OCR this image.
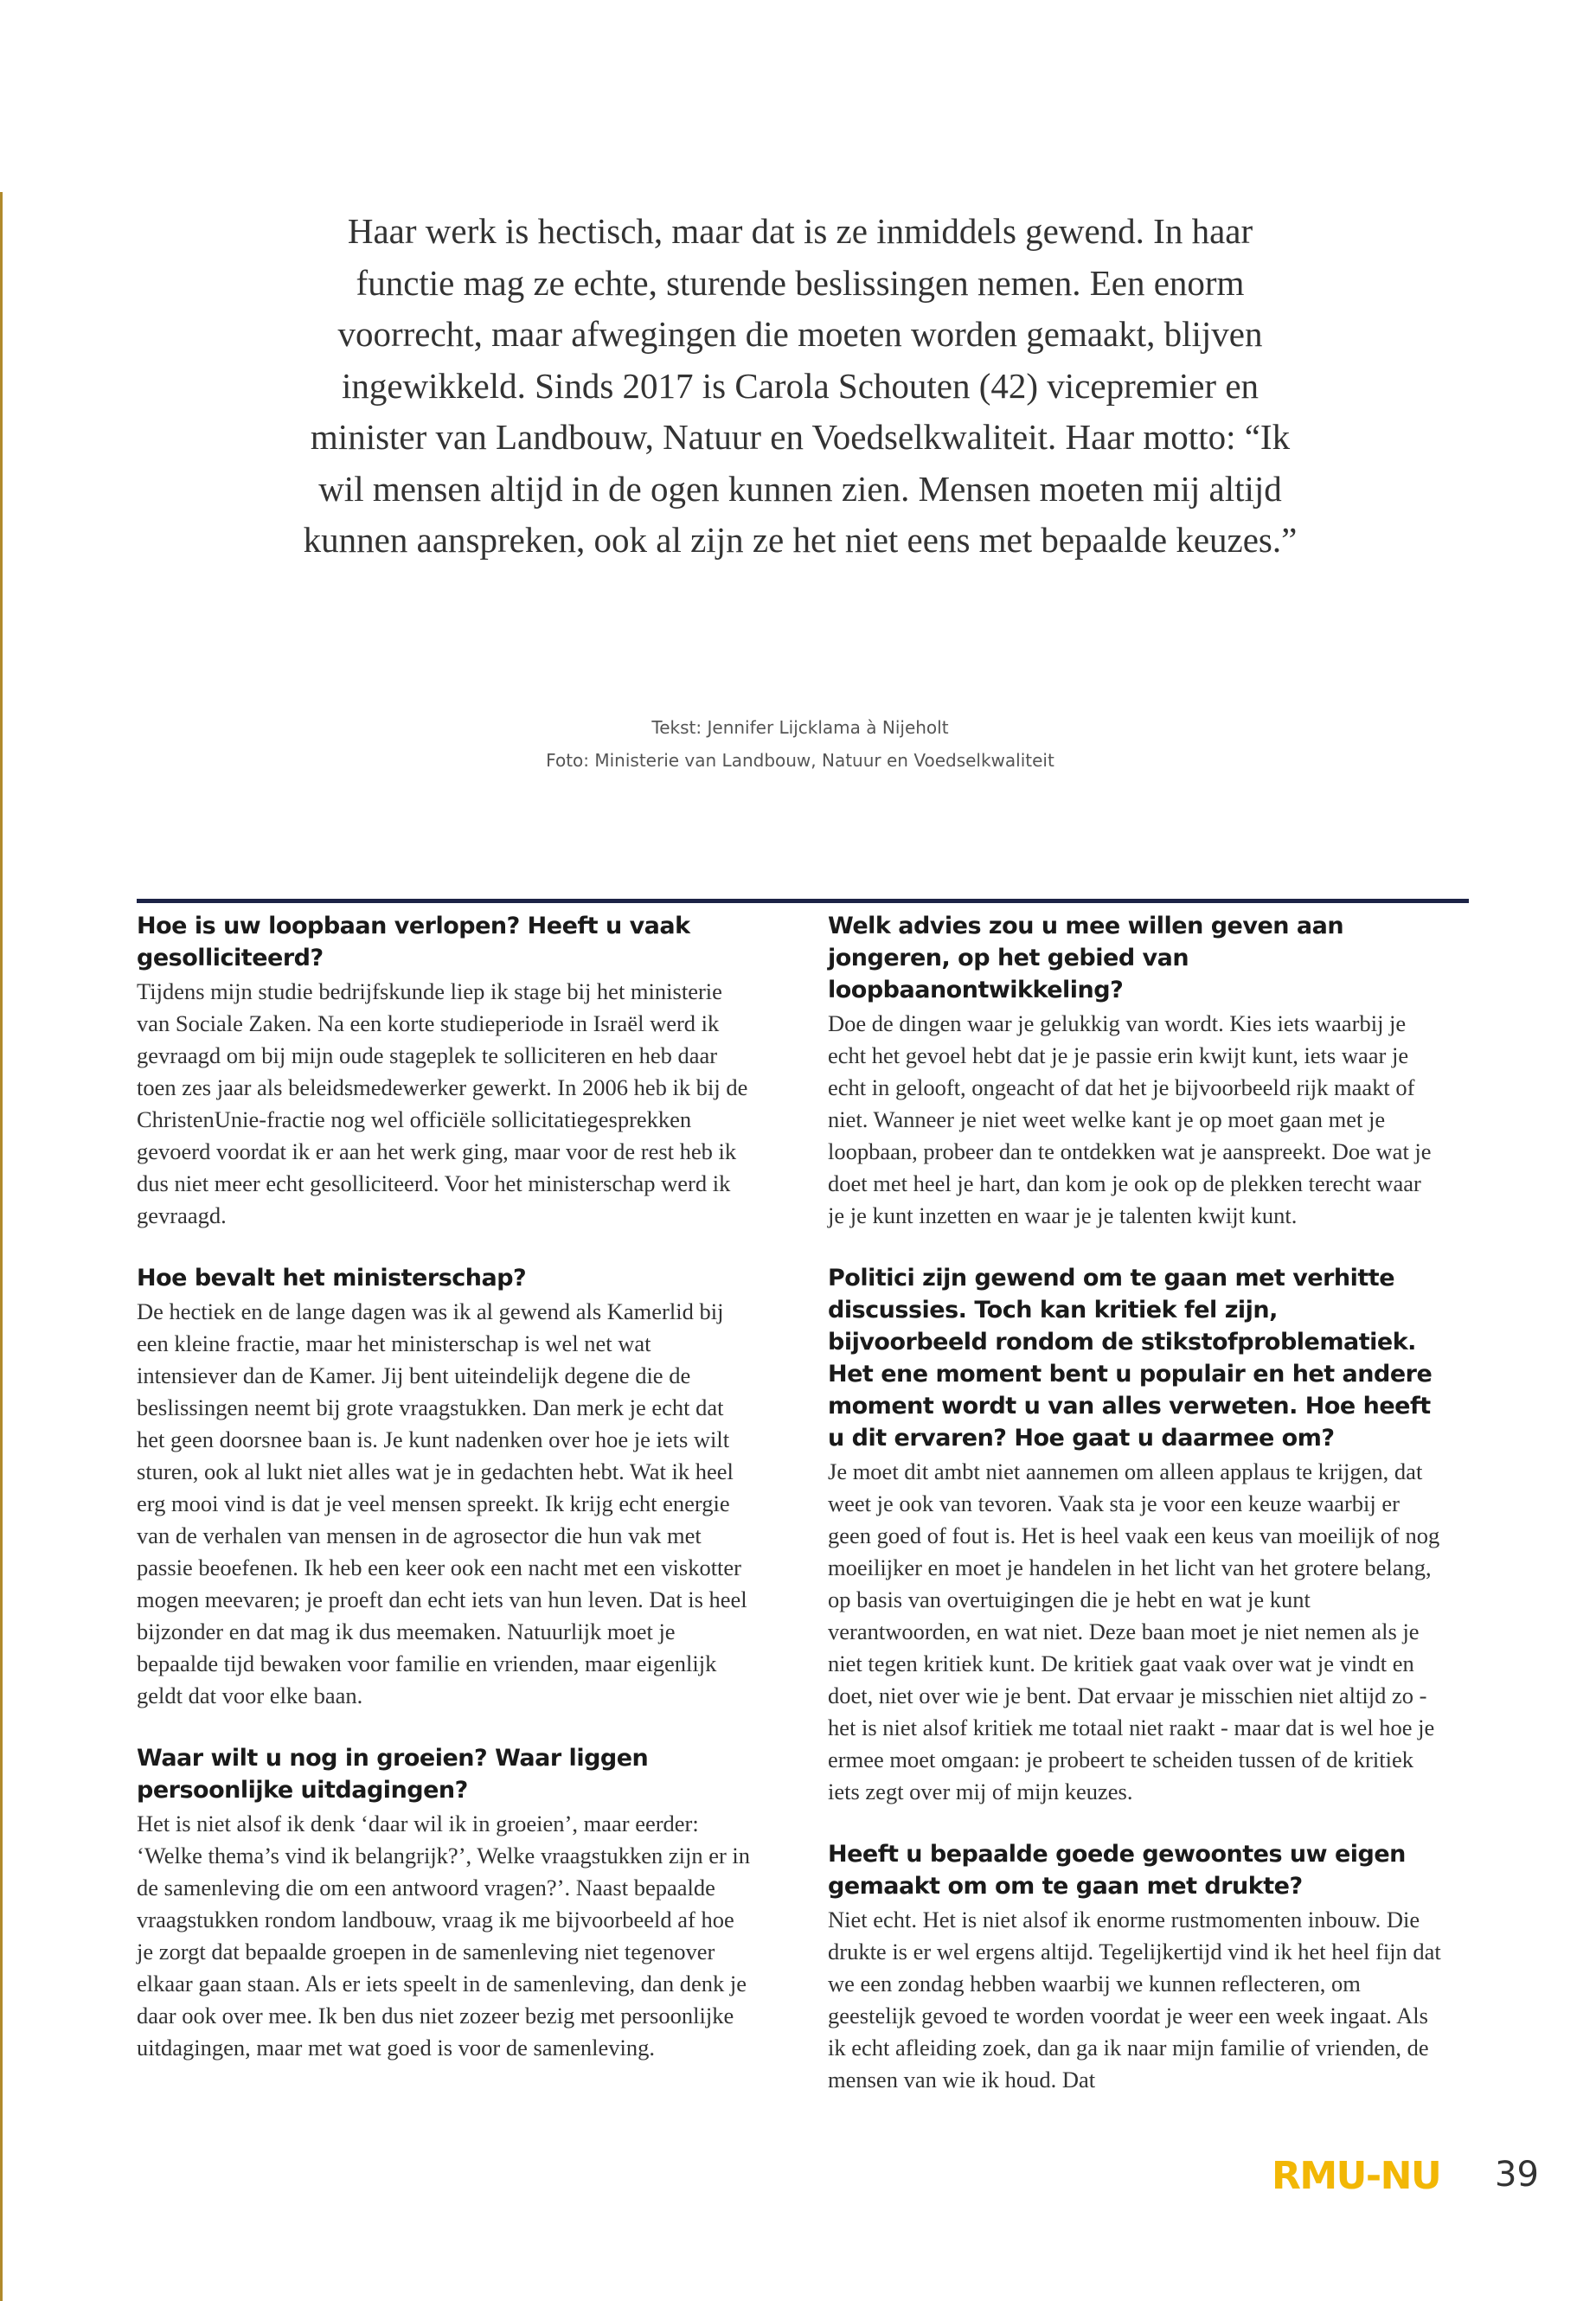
Haar werk is hectisch, maar dat is ze inmiddels gewend. In haar functie mag ze echte, sturende beslissingen nemen. Een enorm voorrecht, maar afwegingen die moeten worden gemaakt, blijven ingewikkeld. Sinds 2017 is Carola Schouten (42) vicepremier en minister van Landbouw, Natuur en Voedselkwaliteit. Haar motto: “Ik wil mensen altijd in de ogen kunnen zien. Mensen moeten mij altijd kunnen aanspreken, ook al zijn ze het niet eens met bepaalde keuzes.”

Tekst: Jennifer Lijcklama à Nijeholt
Foto: Ministerie van Landbouw, Natuur en Voedselkwaliteit

Hoe is uw loopbaan verlopen? Heeft u vaak gesolliciteerd?

Tijdens mijn studie bedrijfskunde liep ik stage bij het ministerie van Sociale Zaken. Na een korte studieperiode in Israël werd ik gevraagd om bij mijn oude stageplek te solliciteren en heb daar toen zes jaar als beleidsmedewerker gewerkt. In 2006 heb ik bij de ChristenUnie-fractie nog wel officiële sollicitatiegesprekken gevoerd voordat ik er aan het werk ging, maar voor de rest heb ik dus niet meer echt gesolliciteerd. Voor het ministerschap werd ik gevraagd.

Hoe bevalt het ministerschap?

De hectiek en de lange dagen was ik al gewend als Kamerlid bij een kleine fractie, maar het ministerschap is wel net wat intensiever dan de Kamer. Jij bent uiteindelijk degene die de beslissingen neemt bij grote vraagstukken. Dan merk je echt dat het geen doorsnee baan is. Je kunt nadenken over hoe je iets wilt sturen, ook al lukt niet alles wat je in gedachten hebt. Wat ik heel erg mooi vind is dat je veel mensen spreekt. Ik krijg echt energie van de verhalen van mensen in de agrosector die hun vak met passie beoefenen. Ik heb een keer ook een nacht met een viskotter mogen meevaren; je proeft dan echt iets van hun leven. Dat is heel bijzonder en dat mag ik dus meemaken. Natuurlijk moet je bepaalde tijd bewaken voor familie en vrienden, maar eigenlijk geldt dat voor elke baan.

Waar wilt u nog in groeien? Waar liggen persoonlijke uitdagingen?

Het is niet alsof ik denk ‘daar wil ik in groeien’, maar eerder: ‘Welke thema’s vind ik belangrijk?’, Welke vraagstukken zijn er in de samenleving die om een antwoord vragen?’. Naast bepaalde vraagstukken rondom landbouw, vraag ik me bijvoorbeeld af hoe je zorgt dat bepaalde groepen in de samenleving niet tegenover elkaar gaan staan. Als er iets speelt in de samenleving, dan denk je daar ook over mee. Ik ben dus niet zozeer bezig met persoonlijke uitdagingen, maar met wat goed is voor de samenleving.

Welk advies zou u mee willen geven aan jongeren, op het gebied van loopbaanontwikkeling?

Doe de dingen waar je gelukkig van wordt. Kies iets waarbij je echt het gevoel hebt dat je je passie erin kwijt kunt, iets waar je echt in gelooft, ongeacht of dat het je bijvoorbeeld rijk maakt of niet. Wanneer je niet weet welke kant je op moet gaan met je loopbaan, probeer dan te ontdekken wat je aanspreekt. Doe wat je doet met heel je hart, dan kom je ook op de plekken terecht waar je je kunt inzetten en waar je je talenten kwijt kunt.

Politici zijn gewend om te gaan met verhitte discussies. Toch kan kritiek fel zijn, bijvoorbeeld rondom de stikstofproblematiek. Het ene moment bent u populair en het andere moment wordt u van alles verweten. Hoe heeft u dit ervaren? Hoe gaat u daarmee om?

Je moet dit ambt niet aannemen om alleen applaus te krijgen, dat weet je ook van tevoren. Vaak sta je voor een keuze waarbij er geen goed of fout is. Het is heel vaak een keus van moeilijk of nog moeilijker en moet je handelen in het licht van het grotere belang, op basis van overtuigingen die je hebt en wat je kunt verantwoorden, en wat niet. Deze baan moet je niet nemen als je niet tegen kritiek kunt. De kritiek gaat vaak over wat je vindt en doet, niet over wie je bent. Dat ervaar je misschien niet altijd zo - het is niet alsof kritiek me totaal niet raakt - maar dat is wel hoe je ermee moet omgaan: je probeert te scheiden tussen of de kritiek iets zegt over mij of mijn keuzes.

Heeft u bepaalde goede gewoontes uw eigen gemaakt om om te gaan met drukte?

Niet echt. Het is niet alsof ik enorme rustmomenten inbouw. Die drukte is er wel ergens altijd. Tegelijkertijd vind ik het heel fijn dat we een zondag hebben waarbij we kunnen reflecteren, om geestelijk gevoed te worden voordat je weer een week ingaat. Als ik echt afleiding zoek, dan ga ik naar mijn familie of vrienden, de mensen van wie ik houd. Dat

RMU-NU 39
